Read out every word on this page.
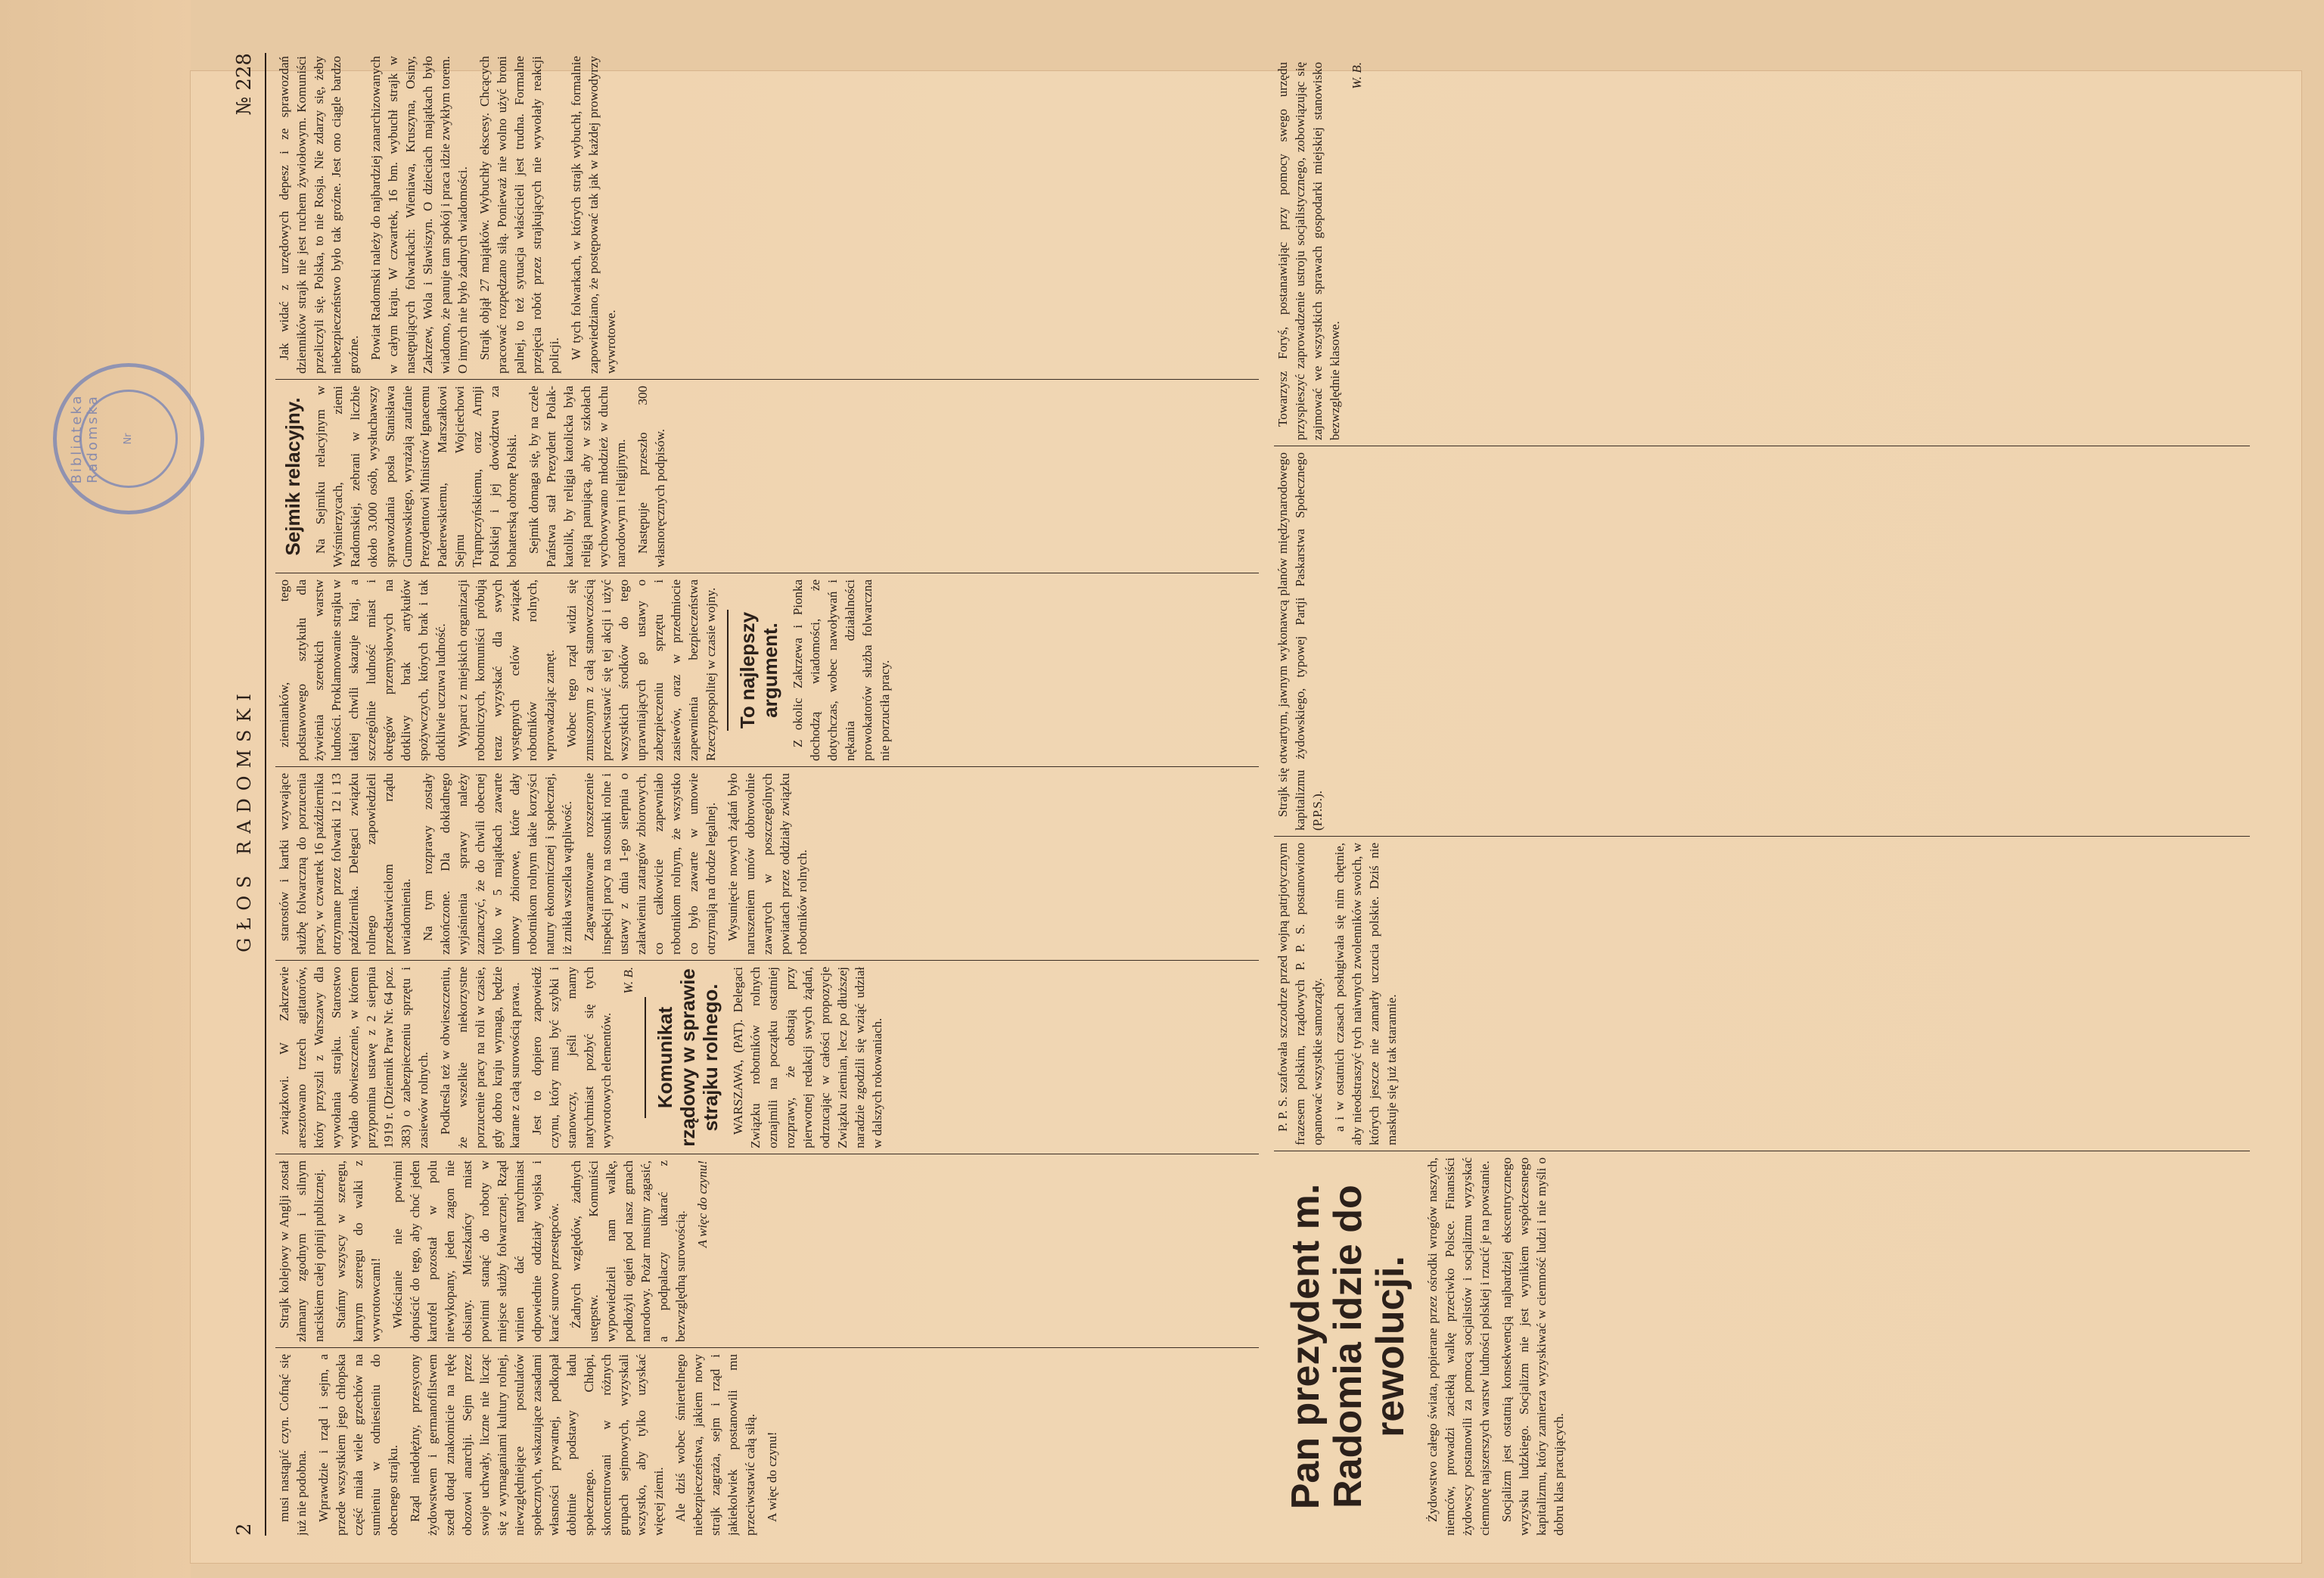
Biblioteka Radomska Nr
2
GŁOS RADOMSKI
№ 228

musi nastąpić czyn. Cofnąć się już nie podobna. Wprawdzie i rząd i sejm, a przede wszystkiem jego chłopska część miała wiele grzechów na sumieniu w odniesieniu do obecnego strajku. Rząd niedołężny, przesycony żydowstwem i germanofilstwem szedł dotąd znakomicie na rękę obozowi anarchji. Sejm przez swoje uchwały, liczne nie licząc się z wymaganiami kultury rolnej, niewzględniejące postulatów społecznych, wskazujące zasadami własności prywatnej, podkopał dobitnie podstawy ładu społecznego. Chłopi, skoncentrowani w różnych grupach sejmowych, wyzyskali wszystko, aby tylko uzyskać więcej ziemi. Ale dziś wobec śmiertelnego niebezpieczeństwa, jakiem nowy strajk zagraża, sejm i rząd i jakiekolwiek postanowili mu przeciwstawić całą siłą. A więc do czynu!

Strajk kolejowy w Anglji został złamany zgodnym i silnym naciskiem całej opinji publicznej. Stańmy wszyscy w szeregu, karnym szeregu do walki z wywrotowcami! Włościanie nie powinni dopuścić do tego, aby choć jeden kartofel pozostał w polu niewykopany, jeden zagon nie obsiany. Mieszkańcy miast powinni stanąć do roboty w miejsce służby folwarcznej. Rząd winien dać natychmiast odpowiednie oddziały wojska i karać surowo przestępców. Żadnych względów, żadnych ustępstw. Komuniści wypowiedzieli nam walkę, podłożyli ogień pod nasz gmach narodowy. Pożar musimy zagasić, a podpalaczy ukarać z bezwzględną surowością.

A więc do czynu!

związkowi. W Zakrzewie aresztowano trzech agitatorów, który przyszli z Warszawy dla wywołania strajku. Starostwo wydało obwieszczenie, w którem przypomina ustawę z 2 sierpnia 1919 r. (Dziennik Praw Nr. 64 poz. 383) o zabezpieczeniu sprzętu i zasiewów rolnych. Podkreśla też w obwieszczeniu, że wszelkie niekorzystne porzucenie pracy na roli w czasie, gdy dobro kraju wymaga, będzie karane z całą surowością prawa. Jest to dopiero zapowiedź czynu, który musi być szybki i stanowczy, jeśli mamy natychmiast pozbyć się tych wywrotowych elementów.

W. B.

Komunikat rządowy w sprawie strajku rolnego. WARSZAWA, (PAT). Delegaci Związku robotników rolnych oznajmili na początku ostatniej rozprawy, że obstają przy pierwotnej redakcji swych żądań, odrzucając w całości propozycje Związku ziemian, lecz po dłuższej naradzie zgodzili się wziąć udział w dalszych rokowaniach.

starostów i kartki wzywające służbę folwarczną do porzucenia pracy, w czwartek 16 października otrzymane przez folwarki 12 i 13 października. Delegaci związku rolnego zapowiedzieli przedstawicielom rządu uwiadomienia. Na tym rozprawy zostały zakończone. Dla dokładnego wyjaśnienia sprawy należy zaznaczyć, że do chwili obecnej tylko w 5 majątkach zawarte umowy zbiorowe, które dały robotnikom rolnym takie korzyści natury ekonomicznej i społecznej, iż znikła wszelka wątpliwość. Zagwarantowane rozszerzenie inspekcji pracy na stosunki rolne i ustawy z dnia 1-go sierpnia o załatwieniu zatargów zbiorowych, co całkowicie zapewniało robotnikom rolnym, że wszystko co było zawarte w umowie otrzymają na drodze legalnej. Wysunięcie nowych żądań było naruszeniem umów dobrowolnie zawartych w poszczególnych powiatach przez oddziały związku robotników rolnych.

ziemianków, tego podstawowego sztykułu dla żywienia szerokich warstw ludności. Proklamowanie strajku w takiej chwili skazuje kraj, a szczególnie ludność miast i okręgów przemysłowych na dotkliwy brak artykułów spożywczych, których brak i tak dotkliwie uczuwa ludność. Wyparci z miejskich organizacji robotniczych, komuniści próbują teraz wyzyskać dla swych występnych celów związek robotników rolnych, wprowadzając zamęt. Wobec tego rząd widzi się zmuszonym z całą stanowczością przeciwstawić się tej akcji i użyć wszystkich środków do tego uprawniających go ustawy o zabezpieczeniu sprzętu i zasiewów, oraz w przedmiocie zapewnienia bezpieczeństwa Rzeczypospolitej w czasie wojny. To najlepszy argument. Z okolic Zakrzewa i Pionka dochodzą wiadomości, że dotychczas, wobec nawoływań i nękania działalności prowokatorów służba folwarczna nie porzuciła pracy.

Sejmik relacyjny. Na Sejmiku relacyjnym w Wyśmierzycach, ziemi Radomskiej, zebrani w liczbie około 3.000 osób, wysłuchawszy sprawozdania posła Stanisława Gumowskiego, wyrażają zaufanie Prezydentowi Ministrów Ignacemu Paderewskiemu, Marszałkowi Sejmu Wojciechowi Trąmpczyńskiemu, oraz Armji Polskiej i jej dowództwu za bohaterską obronę Polski. Sejmik domaga się, by na czele Państwa stał Prezydent Polak-katolik, by religja katolicka była religją panującą, aby w szkołach wychowywano młodzież w duchu narodowym i religijnym. Następuje przeszło 300 własnoręcznych podpisów.

Jak widać z urzędowych depesz i ze sprawozdań dzienników strajk nie jest ruchem żywiołowym. Komuniści przeliczyli się. Polska, to nie Rosja. Nie zdarzy się, żeby niebezpieczeństwo było tak groźne. Jest ono ciągle bardzo groźne. Powiat Radomski należy do najbardziej zanarchizowanych w całym kraju. W czwartek, 16 bm. wybuchł strajk w następujących folwarkach: Wieniawa, Kruszyna, Osiny, Zakrzew, Wola i Sławiszyn. O dzieciach majątkach było wiadomo, że panuje tam spokój i praca idzie zwykłym torem. O innych nie było żadnych wiadomości. Strajk objął 27 majątków. Wybuchły ekscesy. Chcących pracować rozpędzano siłą. Ponieważ nie wolno użyć broni palnej, to też sytuacja właścicieli jest trudna. Formalne przejęcia robót przez strajkujących nie wywołały reakcji policji. W tych folwarkach, w których strajk wybuchł, formalnie zapowiedziano, że postępować tak jak w każdej prowodyrzy wywrotowe.

Pan prezydent m. Radomia idzie do rewolucji. Żydowstwo całego świata, popierane przez ośrodki wrogów naszych, niemców, prowadzi zaciekłą walkę przeciwko Polsce. Finansiści żydowscy postanowili za pomocą socjalistów i socjalizmu wyzyskać ciemnotę najszerszych warstw ludności polskiej i rzucić je na powstanie. Socjalizm jest ostatnią konsekwencją najbardziej ekscentrycznego wyzysku ludzkiego. Socjalizm nie jest wynikiem współczesnego kapitalizmu, który zamierza wyzyskiwać w ciemność ludzi i nie myśli o dobru klas pracujących.

P. P. S. szafowała szczodrze przed wojną patrjotycznym frazesem polskim, rządowych P. P. S. postanowiono opanować wszystkie samorządy. a i w ostatnich czasach posługiwała się nim chętnie, aby nieodstraszyć tych naiwnych zwolenników swoich, w których jeszcze nie zamarły uczucia polskie. Dziś nie maskuje się już tak starannie.

Strajk się otwartym, jawnym wykonawcą planów międzynarodowego kapitalizmu żydowskiego, typowej Partji Paskarstwa Społecznego (P.P.S.).

Towarzysz Foryś, postanawiając przy pomocy swego urzędu przyspieszyć zaprowadzenie ustroju socjalistycznego, zobowiązując się zajmować we wszystkich sprawach gospodarki miejskiej stanowisko bezwzględnie klasowe.

W. B.
